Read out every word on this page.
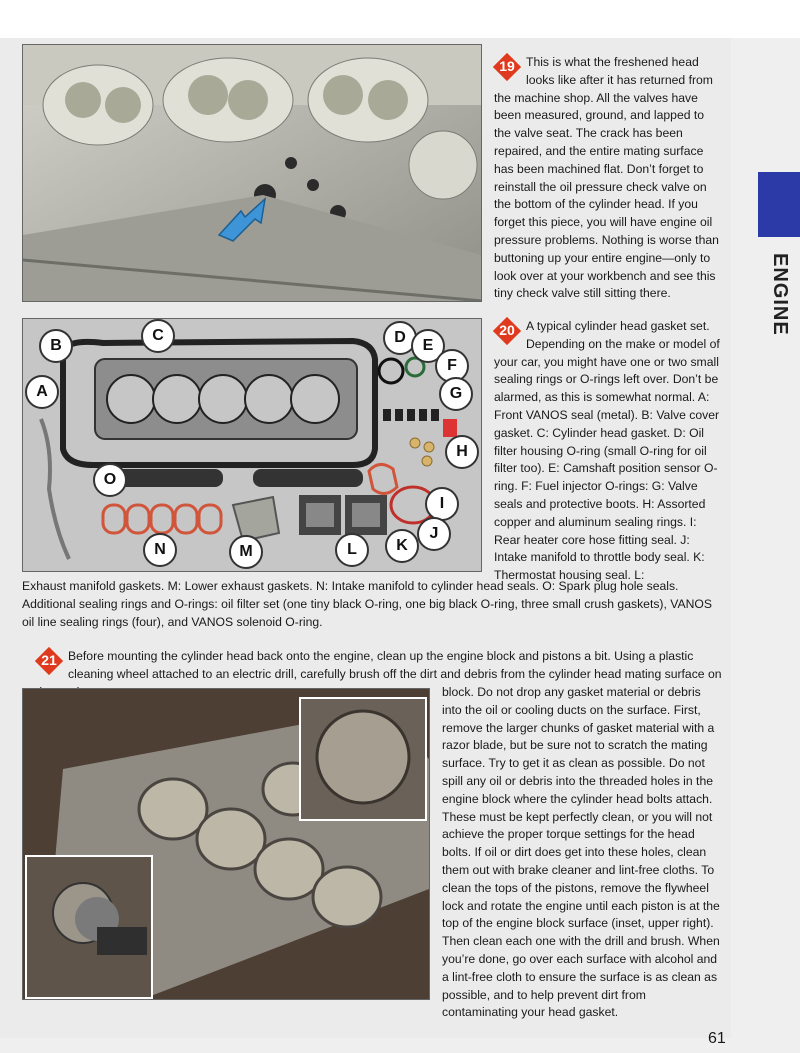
ENGINE
19 This is what the freshened head looks like after it has returned from the machine shop. All the valves have been measured, ground, and lapped to the valve seat. The crack has been repaired, and the entire mating surface has been machined flat. Don’t forget to reinstall the oil pressure check valve on the bottom of the cylinder head. If you forget this piece, you will have engine oil pressure problems. Nothing is worse than buttoning up your entire engine—only to look over at your workbench and see this tiny check valve still sitting there.

A
B
C	D	E
F
G
H
I
J
K
L
M
N
O
20 A typical cylinder head gasket set. Depending on the make or model of your car, you might have one or two small sealing rings or O-rings left over. Don’t be alarmed, as this is somewhat normal. A: Front VANOS seal (metal). B: Valve cover gasket. C: Cylinder head gasket. D: Oil filter housing O-ring (small O-ring for oil filter too). E: Camshaft position sensor O-ring. F: Fuel injector O-rings: G: Valve seals and protective boots. H: Assorted copper and aluminum sealing rings. I: Rear heater core hose fitting seal. J: Intake manifold to throttle body seal. K: Thermostat housing seal. L:

Exhaust manifold gaskets. M: Lower exhaust gaskets. N: Intake manifold to cylinder head seals. O: Spark plug hole seals. Additional sealing rings and O-rings: oil filter set (one tiny black O-ring, one big black O-ring, three small crush gaskets), VANOS oil line sealing rings (four), and VANOS solenoid O-ring.

21 Before mounting the cylinder head back onto the engine, clean up the engine block and pistons a bit. Using a plastic cleaning wheel attached to an electric drill, carefully brush off the dirt and debris from the cylinder head mating surface on

block. Do not drop any gasket material or debris into the oil or cooling ducts on the surface. First, remove the larger chunks of gasket material with a razor blade, but be sure not to scratch the mating surface. Try to get it as clean as possible. Do not spill any oil or debris into the threaded holes in the engine block where the cylinder head bolts attach. These must be kept perfectly clean, or you will not achieve the proper torque settings for the head bolts. If oil or dirt does get into these holes, clean them out with brake cleaner and lint-free cloths. To clean the tops of the pistons, remove the flywheel lock and rotate the engine until each piston is at the top of the engine block surface (inset, upper right). Then clean each one with the drill and brush. When you’re done, go over each surface with alcohol and a lint-free cloth to ensure the surface is as clean as possible, and to help prevent dirt from contaminating your head gasket.

61
